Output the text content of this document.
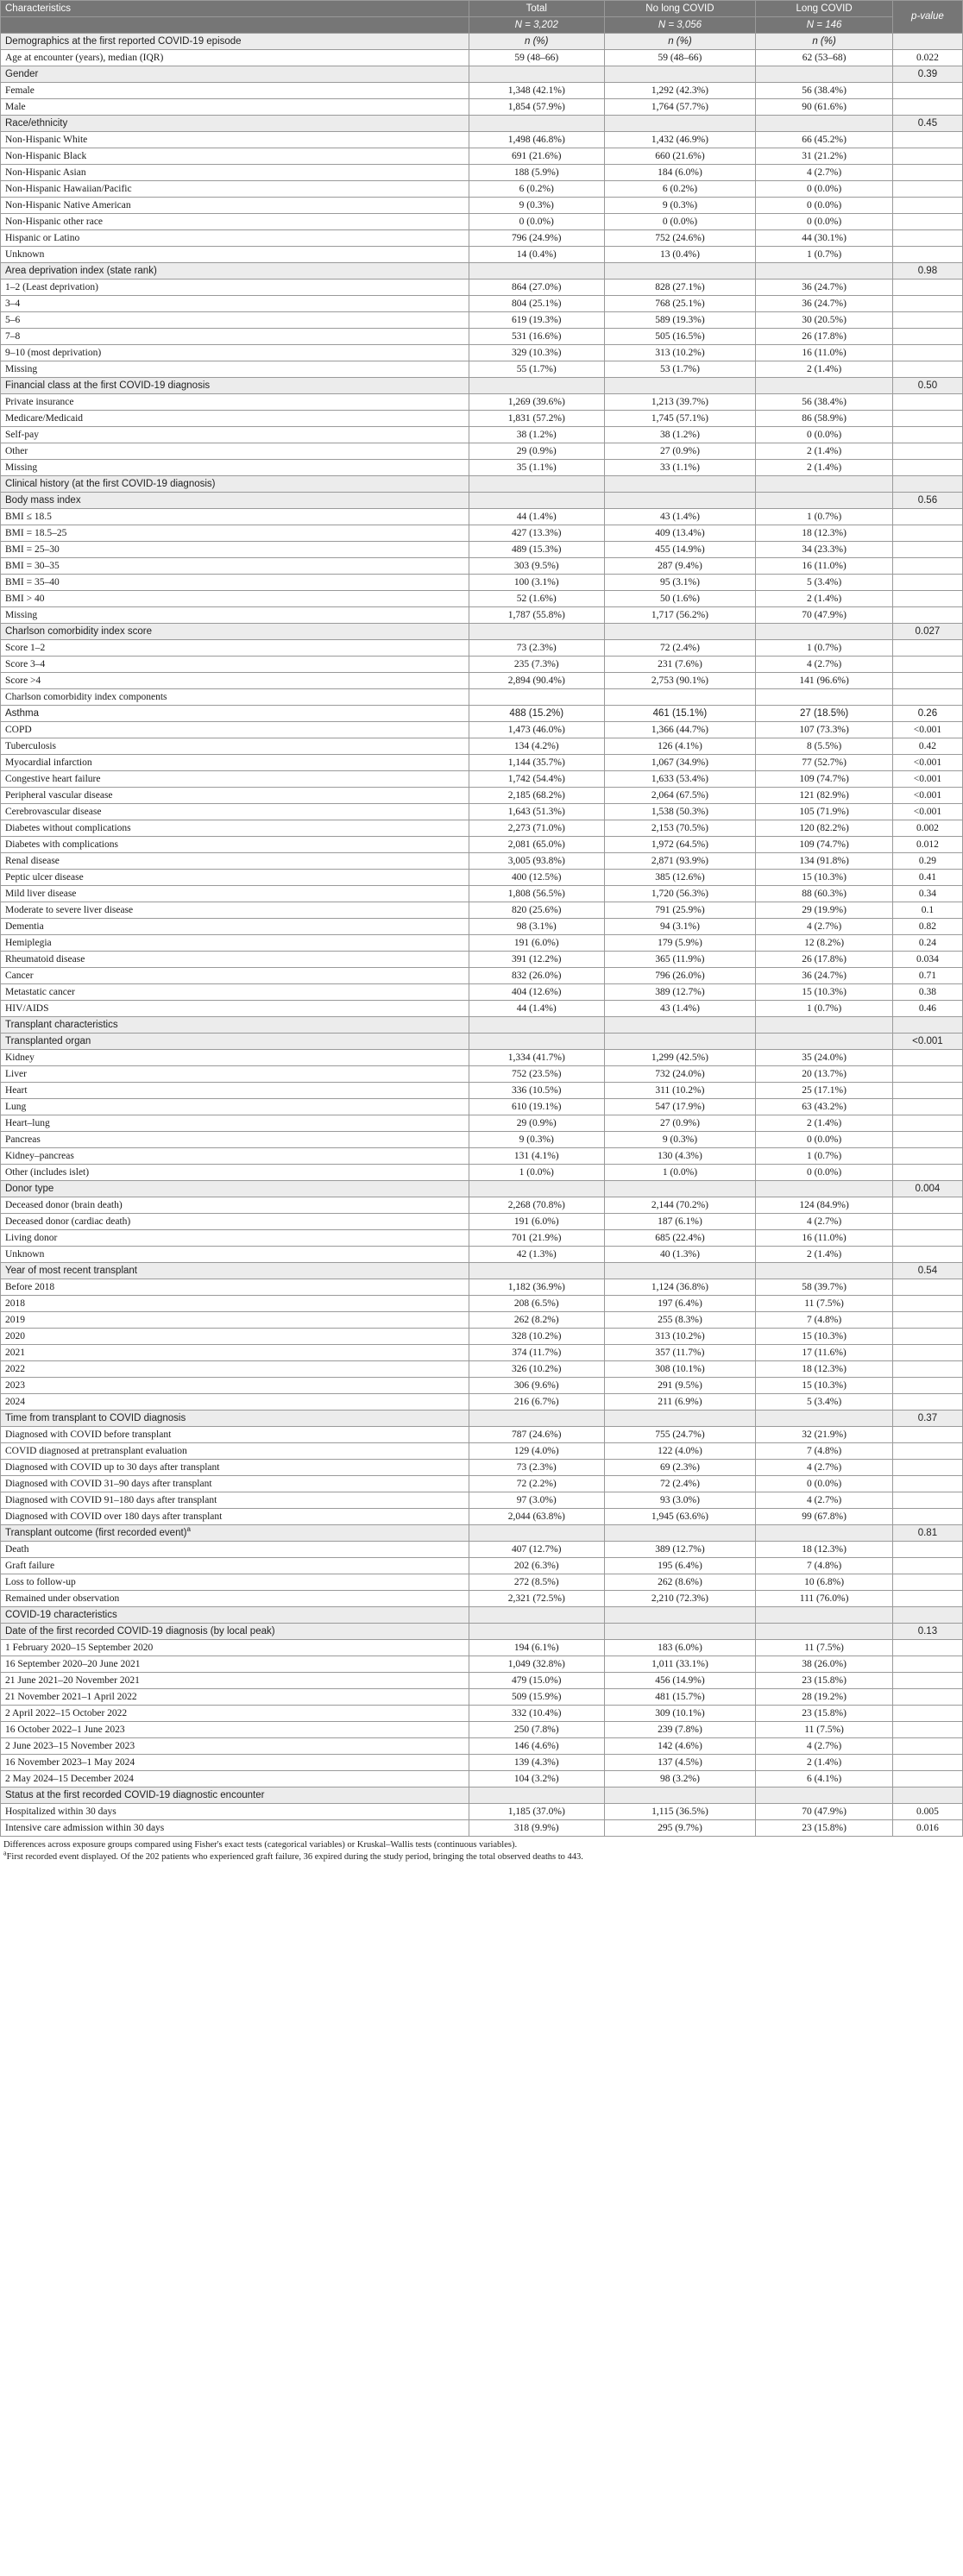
Characteristics	Total	No long COVID	Long COVID	p-value
	N = 3,202	N = 3,056	N = 146	
Demographics at the first reported COVID-19 episode	n (%)	n (%)	n (%)	
Age at encounter (years), median (IQR)	59 (48–66)	59 (48–66)	62 (53–68)	0.022
Gender				0.39
Female	1,348 (42.1%)	1,292 (42.3%)	56 (38.4%)	
Male	1,854 (57.9%)	1,764 (57.7%)	90 (61.6%)	
Race/ethnicity				0.45
Non-Hispanic White	1,498 (46.8%)	1,432 (46.9%)	66 (45.2%)	
Non-Hispanic Black	691 (21.6%)	660 (21.6%)	31 (21.2%)	
Non-Hispanic Asian	188 (5.9%)	184 (6.0%)	4 (2.7%)	
Non-Hispanic Hawaiian/Pacific	6 (0.2%)	6 (0.2%)	0 (0.0%)	
Non-Hispanic Native American	9 (0.3%)	9 (0.3%)	0 (0.0%)	
Non-Hispanic other race	0 (0.0%)	0 (0.0%)	0 (0.0%)	
Hispanic or Latino	796 (24.9%)	752 (24.6%)	44 (30.1%)	
Unknown	14 (0.4%)	13 (0.4%)	1 (0.7%)	
Area deprivation index (state rank)				0.98
1–2 (Least deprivation)	864 (27.0%)	828 (27.1%)	36 (24.7%)	
3–4	804 (25.1%)	768 (25.1%)	36 (24.7%)	
5–6	619 (19.3%)	589 (19.3%)	30 (20.5%)	
7–8	531 (16.6%)	505 (16.5%)	26 (17.8%)	
9–10 (most deprivation)	329 (10.3%)	313 (10.2%)	16 (11.0%)	
Missing	55 (1.7%)	53 (1.7%)	2 (1.4%)	
Financial class at the first COVID-19 diagnosis				0.50
Private insurance	1,269 (39.6%)	1,213 (39.7%)	56 (38.4%)	
Medicare/Medicaid	1,831 (57.2%)	1,745 (57.1%)	86 (58.9%)	
Self-pay	38 (1.2%)	38 (1.2%)	0 (0.0%)	
Other	29 (0.9%)	27 (0.9%)	2 (1.4%)	
Missing	35 (1.1%)	33 (1.1%)	2 (1.4%)	
Clinical history (at the first COVID-19 diagnosis)				
Body mass index				0.56
BMI ≤ 18.5	44 (1.4%)	43 (1.4%)	1 (0.7%)	
BMI = 18.5–25	427 (13.3%)	409 (13.4%)	18 (12.3%)	
BMI = 25–30	489 (15.3%)	455 (14.9%)	34 (23.3%)	
BMI = 30–35	303 (9.5%)	287 (9.4%)	16 (11.0%)	
BMI = 35–40	100 (3.1%)	95 (3.1%)	5 (3.4%)	
BMI > 40	52 (1.6%)	50 (1.6%)	2 (1.4%)	
Missing	1,787 (55.8%)	1,717 (56.2%)	70 (47.9%)	
Charlson comorbidity index score				0.027
Score 1–2	73 (2.3%)	72 (2.4%)	1 (0.7%)	
Score 3–4	235 (7.3%)	231 (7.6%)	4 (2.7%)	
Score >4	2,894 (90.4%)	2,753 (90.1%)	141 (96.6%)	
Charlson comorbidity index components				
Asthma	488 (15.2%)	461 (15.1%)	27 (18.5%)	0.26
COPD	1,473 (46.0%)	1,366 (44.7%)	107 (73.3%)	<0.001
Tuberculosis	134 (4.2%)	126 (4.1%)	8 (5.5%)	0.42
Myocardial infarction	1,144 (35.7%)	1,067 (34.9%)	77 (52.7%)	<0.001
Congestive heart failure	1,742 (54.4%)	1,633 (53.4%)	109 (74.7%)	<0.001
Peripheral vascular disease	2,185 (68.2%)	2,064 (67.5%)	121 (82.9%)	<0.001
Cerebrovascular disease	1,643 (51.3%)	1,538 (50.3%)	105 (71.9%)	<0.001
Diabetes without complications	2,273 (71.0%)	2,153 (70.5%)	120 (82.2%)	0.002
Diabetes with complications	2,081 (65.0%)	1,972 (64.5%)	109 (74.7%)	0.012
Renal disease	3,005 (93.8%)	2,871 (93.9%)	134 (91.8%)	0.29
Peptic ulcer disease	400 (12.5%)	385 (12.6%)	15 (10.3%)	0.41
Mild liver disease	1,808 (56.5%)	1,720 (56.3%)	88 (60.3%)	0.34
Moderate to severe liver disease	820 (25.6%)	791 (25.9%)	29 (19.9%)	0.1
Dementia	98 (3.1%)	94 (3.1%)	4 (2.7%)	0.82
Hemiplegia	191 (6.0%)	179 (5.9%)	12 (8.2%)	0.24
Rheumatoid disease	391 (12.2%)	365 (11.9%)	26 (17.8%)	0.034
Cancer	832 (26.0%)	796 (26.0%)	36 (24.7%)	0.71
Metastatic cancer	404 (12.6%)	389 (12.7%)	15 (10.3%)	0.38
HIV/AIDS	44 (1.4%)	43 (1.4%)	1 (0.7%)	0.46
Transplant characteristics				
Transplanted organ				<0.001
Kidney	1,334 (41.7%)	1,299 (42.5%)	35 (24.0%)	
Liver	752 (23.5%)	732 (24.0%)	20 (13.7%)	
Heart	336 (10.5%)	311 (10.2%)	25 (17.1%)	
Lung	610 (19.1%)	547 (17.9%)	63 (43.2%)	
Heart–lung	29 (0.9%)	27 (0.9%)	2 (1.4%)	
Pancreas	9 (0.3%)	9 (0.3%)	0 (0.0%)	
Kidney–pancreas	131 (4.1%)	130 (4.3%)	1 (0.7%)	
Other (includes islet)	1 (0.0%)	1 (0.0%)	0 (0.0%)	
Donor type				0.004
Deceased donor (brain death)	2,268 (70.8%)	2,144 (70.2%)	124 (84.9%)	
Deceased donor (cardiac death)	191 (6.0%)	187 (6.1%)	4 (2.7%)	
Living donor	701 (21.9%)	685 (22.4%)	16 (11.0%)	
Unknown	42 (1.3%)	40 (1.3%)	2 (1.4%)	
Year of most recent transplant				0.54
Before 2018	1,182 (36.9%)	1,124 (36.8%)	58 (39.7%)	
2018	208 (6.5%)	197 (6.4%)	11 (7.5%)	
2019	262 (8.2%)	255 (8.3%)	7 (4.8%)	
2020	328 (10.2%)	313 (10.2%)	15 (10.3%)	
2021	374 (11.7%)	357 (11.7%)	17 (11.6%)	
2022	326 (10.2%)	308 (10.1%)	18 (12.3%)	
2023	306 (9.6%)	291 (9.5%)	15 (10.3%)	
2024	216 (6.7%)	211 (6.9%)	5 (3.4%)	
Time from transplant to COVID diagnosis				0.37
Diagnosed with COVID before transplant	787 (24.6%)	755 (24.7%)	32 (21.9%)	
COVID diagnosed at pretransplant evaluation	129 (4.0%)	122 (4.0%)	7 (4.8%)	
Diagnosed with COVID up to 30 days after transplant	73 (2.3%)	69 (2.3%)	4 (2.7%)	
Diagnosed with COVID 31–90 days after transplant	72 (2.2%)	72 (2.4%)	0 (0.0%)	
Diagnosed with COVID 91–180 days after transplant	97 (3.0%)	93 (3.0%)	4 (2.7%)	
Diagnosed with COVID over 180 days after transplant	2,044 (63.8%)	1,945 (63.6%)	99 (67.8%)	
Transplant outcome (first recorded event)$^a$				0.81
Death	407 (12.7%)	389 (12.7%)	18 (12.3%)	
Graft failure	202 (6.3%)	195 (6.4%)	7 (4.8%)	
Loss to follow-up	272 (8.5%)	262 (8.6%)	10 (6.8%)	
Remained under observation	2,321 (72.5%)	2,210 (72.3%)	111 (76.0%)	
COVID-19 characteristics				
Date of the first recorded COVID-19 diagnosis (by local peak)				0.13
1 February 2020–15 September 2020	194 (6.1%)	183 (6.0%)	11 (7.5%)	
16 September 2020–20 June 2021	1,049 (32.8%)	1,011 (33.1%)	38 (26.0%)	
21 June 2021–20 November 2021	479 (15.0%)	456 (14.9%)	23 (15.8%)	
21 November 2021–1 April 2022	509 (15.9%)	481 (15.7%)	28 (19.2%)	
2 April 2022–15 October 2022	332 (10.4%)	309 (10.1%)	23 (15.8%)	
16 October 2022–1 June 2023	250 (7.8%)	239 (7.8%)	11 (7.5%)	
2 June 2023–15 November 2023	146 (4.6%)	142 (4.6%)	4 (2.7%)	
16 November 2023–1 May 2024	139 (4.3%)	137 (4.5%)	2 (1.4%)	
2 May 2024–15 December 2024	104 (3.2%)	98 (3.2%)	6 (4.1%)	
Status at the first recorded COVID-19 diagnostic encounter				
Hospitalized within 30 days	1,185 (37.0%)	1,115 (36.5%)	70 (47.9%)	0.005
Intensive care admission within 30 days	318 (9.9%)	295 (9.7%)	23 (15.8%)	0.016
Differences across exposure groups compared using Fisher's exact tests (categorical variables) or Kruskal–Wallis tests (continuous variables).
$^a$First recorded event displayed. Of the 202 patients who experienced graft failure, 36 expired during the study period, bringing the total observed deaths to 443.
